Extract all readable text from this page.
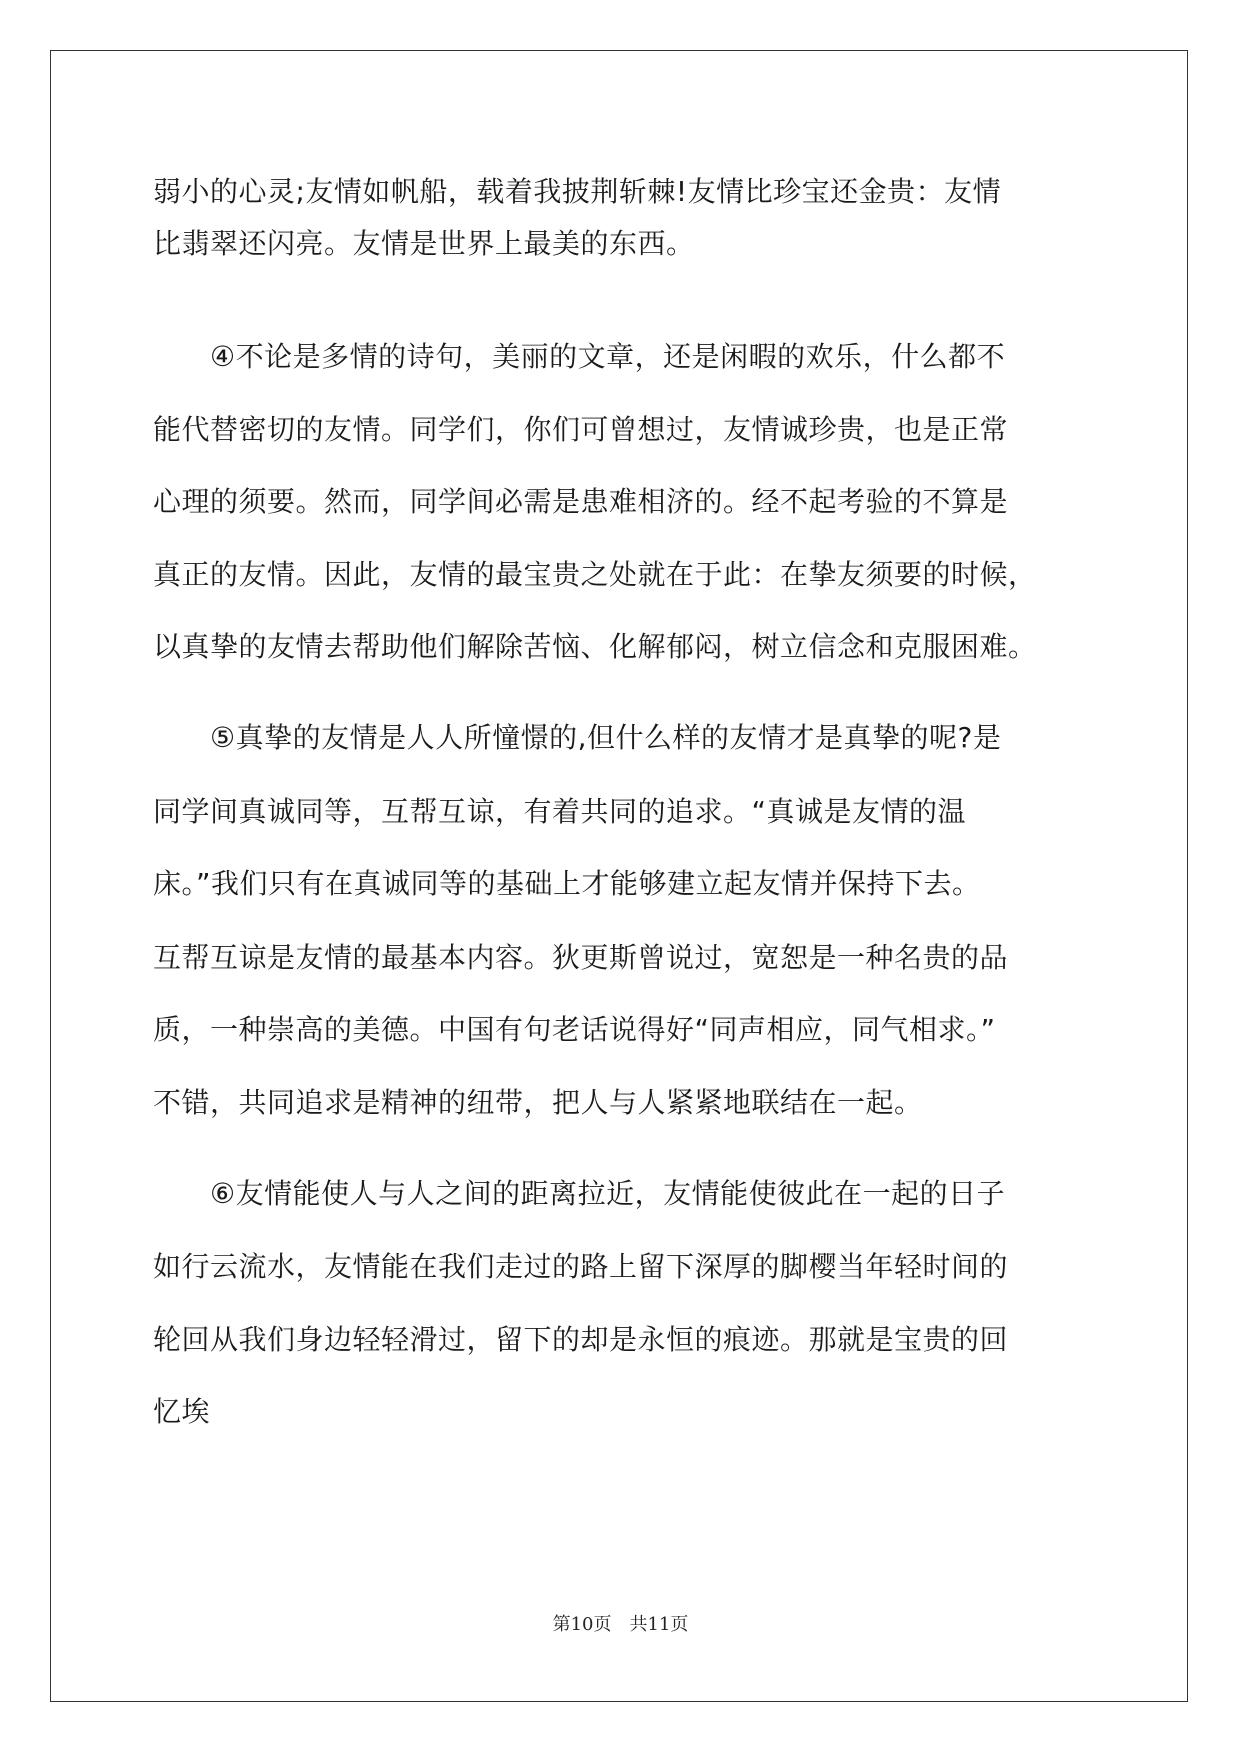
弱小的心灵;友情如帆船，载着我披荆斩棘!友情比珍宝还金贵：友情
比翡翠还闪亮。友情是世界上最美的东西。
　　④不论是多情的诗句，美丽的文章，还是闲暇的欢乐，什么都不
能代替密切的友情。同学们，你们可曾想过，友情诚珍贵，也是正常
心理的须要。然而，同学间必需是患难相济的。经不起考验的不算是
真正的友情。因此，友情的最宝贵之处就在于此：在挚友须要的时候，
以真挚的友情去帮助他们解除苦恼、化解郁闷，树立信念和克服困难。
　　⑤真挚的友情是人人所憧憬的,但什么样的友情才是真挚的呢?是
同学间真诚同等，互帮互谅，有着共同的追求。“真诚是友情的温
床。”我们只有在真诚同等的基础上才能够建立起友情并保持下去。
互帮互谅是友情的最基本内容。狄更斯曾说过，宽恕是一种名贵的品
质，一种崇高的美德。中国有句老话说得好“同声相应，同气相求。”
不错，共同追求是精神的纽带，把人与人紧紧地联结在一起。
　　⑥友情能使人与人之间的距离拉近，友情能使彼此在一起的日子
如行云流水，友情能在我们走过的路上留下深厚的脚樱当年轻时间的
轮回从我们身边轻轻滑过，留下的却是永恒的痕迹。那就是宝贵的回
忆埃
第10页　共11页
